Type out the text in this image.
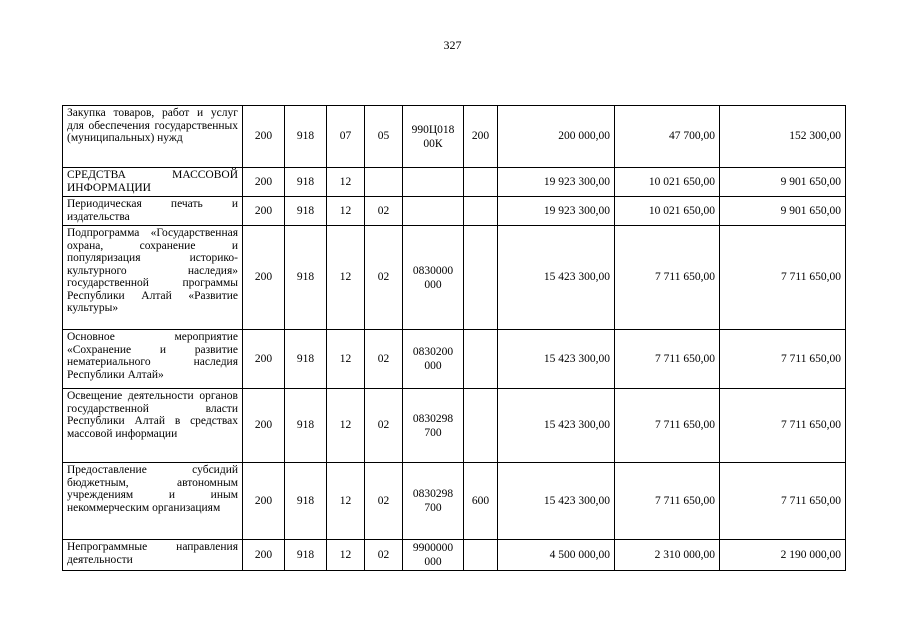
327
Закупка товаров, работ и услуг для обеспечения государственных (муниципальных) нужд	200	918	07	05	990Ц018 00К	200	200 000,00	47 700,00	152 300,00
СРЕДСТВА МАССОВОЙ ИНФОРМАЦИИ	200	918	12				19 923 300,00	10 021 650,00	9 901 650,00
Периодическая печать и издательства	200	918	12	02			19 923 300,00	10 021 650,00	9 901 650,00
Подпрограмма «Государственная охрана, сохранение и популяризация историко-культурного наследия» государственной программы Республики Алтай «Развитие культуры»	200	918	12	02	0830000 000		15 423 300,00	7 711 650,00	7 711 650,00
Основное мероприятие «Сохранение и развитие нематериального наследия Республики Алтай»	200	918	12	02	0830200 000		15 423 300,00	7 711 650,00	7 711 650,00
Освещение деятельности органов государственной власти Республики Алтай в средствах массовой информации	200	918	12	02	0830298 700		15 423 300,00	7 711 650,00	7 711 650,00
Предоставление субсидий бюджетным, автономным учреждениям и иным некоммерческим организациям	200	918	12	02	0830298 700	600	15 423 300,00	7 711 650,00	7 711 650,00
Непрограммные направления деятельности	200	918	12	02	9900000 000		4 500 000,00	2 310 000,00	2 190 000,00
